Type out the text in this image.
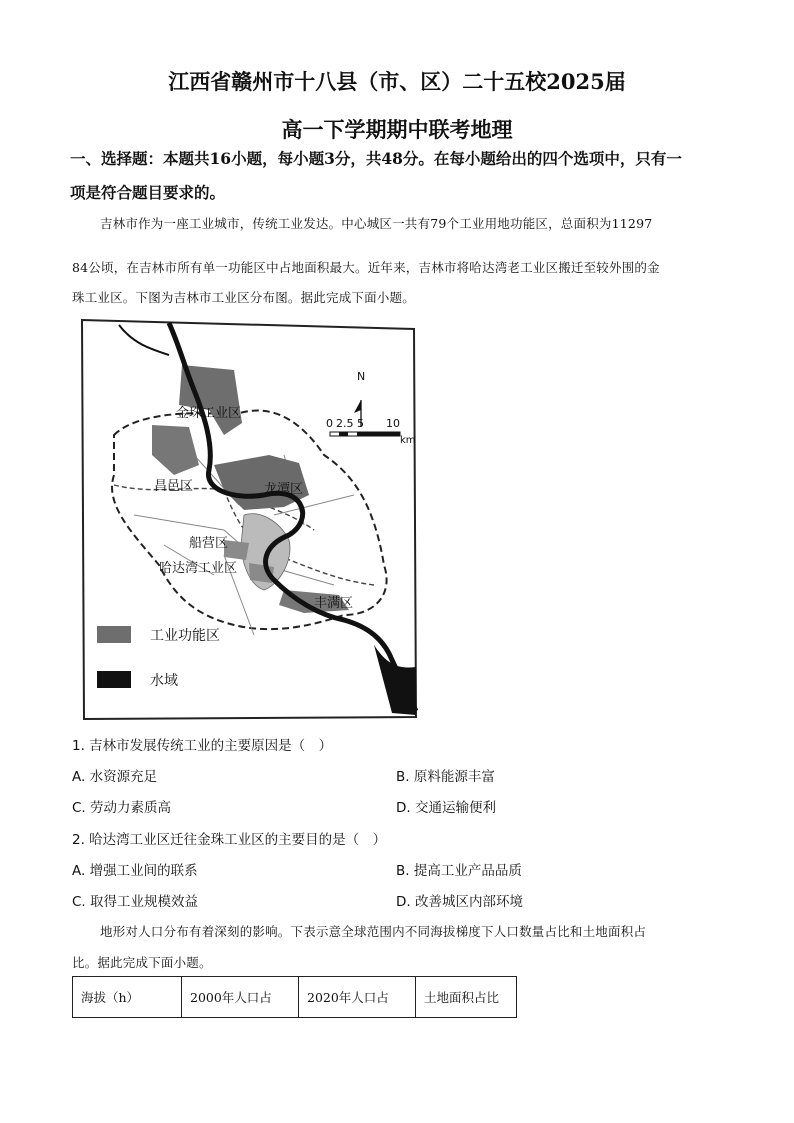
江西省赣州市十八县（市、区）二十五校2025届
高一下学期期中联考地理
一、选择题：本题共16小题，每小题3分，共48分。在每小题给出的四个选项中，只有一
项是符合题目要求的。
吉林市作为一座工业城市，传统工业发达。中心城区一共有79个工业用地功能区，总面积为11297
84公顷，在吉林市所有单一功能区中占地面积最大。近年来，吉林市将哈达湾老工业区搬迁至较外围的金
珠工业区。下图为吉林市工业区分布图。据此完成下面小题。
金珠工业区
昌邑区	龙潭区
船营区
哈达湾工业区
丰满区
N
0 2.5 5 10
km
工业功能区
水域
1. 吉林市发展传统工业的主要原因是（　）
A. 水资源充足	B. 原料能源丰富
C. 劳动力素质高	D. 交通运输便利
2. 哈达湾工业区迁往金珠工业区的主要目的是（　）
A. 增强工业间的联系	B. 提高工业产品品质
C. 取得工业规模效益	D. 改善城区内部环境
地形对人口分布有着深刻的影响。下表示意全球范围内不同海拔梯度下人口数量占比和土地面积占
比。据此完成下面小题。
海拔（h）	2000年人口占	2020年人口占	土地面积占比
